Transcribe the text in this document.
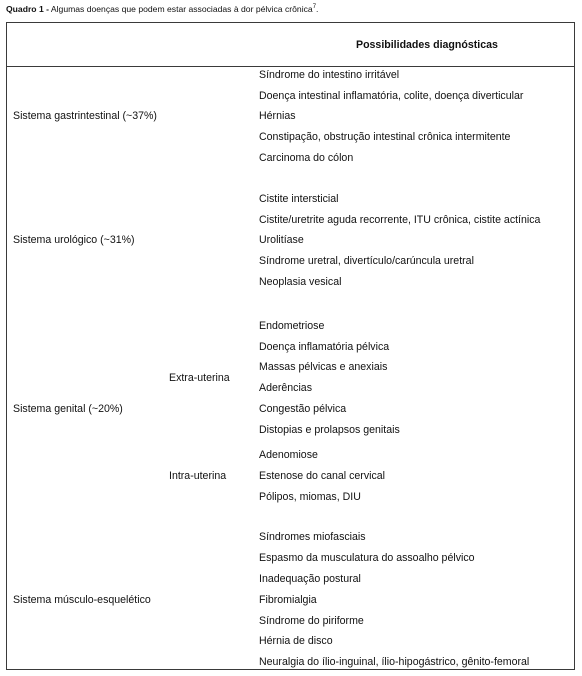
Quadro 1 - Algumas doenças que podem estar associadas à dor pélvica crônica$^7$.
Possibilidades diagnósticas
Sistema gastrintestinal (~37%)
Síndrome do intestino irritável
Doença intestinal inflamatória, colite, doença diverticular
Hérnias
Constipação, obstrução intestinal crônica intermitente
Carcinoma do cólon
Sistema urológico (~31%)
Cistite intersticial
Cistite/uretrite aguda recorrente, ITU crônica, cistite actínica
Urolitíase
Síndrome uretral, divertículo/carúncula uretral
Neoplasia vesical
Sistema genital (~20%)
Extra-uterina
Endometriose
Doença inflamatória pélvica
Massas pélvicas e anexiais
Aderências
Congestão pélvica
Distopias e prolapsos genitais
Intra-uterina
Adenomiose
Estenose do canal cervical
Pólipos, miomas, DIU
Sistema músculo-esquelético
Síndromes miofasciais
Espasmo da musculatura do assoalho pélvico
Inadequação postural
Fibromialgia
Síndrome do piriforme
Hérnia de disco
Neuralgia do ílio-inguinal, ílio-hipogástrico, gênito-femoral
